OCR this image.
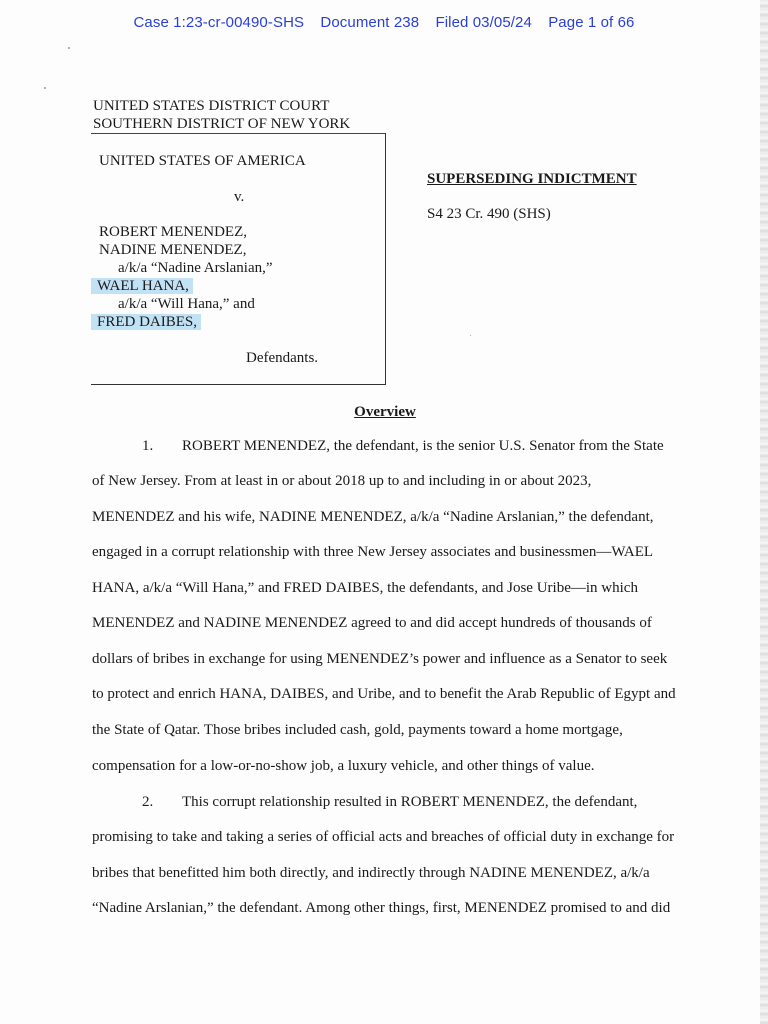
Case 1:23-cr-00490-SHS Document 238 Filed 03/05/24 Page 1 of 66
UNITED STATES DISTRICT COURT
SOUTHERN DISTRICT OF NEW YORK
UNITED STATES OF AMERICA
v.
ROBERT MENENDEZ,
NADINE MENENDEZ,
a/k/a “Nadine Arslanian,”
WAEL HANA,
a/k/a “Will Hana,” and
FRED DAIBES,
Defendants.
SUPERSEDING INDICTMENT
S4 23 Cr. 490 (SHS)
Overview
1. ROBERT MENENDEZ, the defendant, is the senior U.S. Senator from the State
of New Jersey. From at least in or about 2018 up to and including in or about 2023,
MENENDEZ and his wife, NADINE MENENDEZ, a/k/a “Nadine Arslanian,” the defendant,
engaged in a corrupt relationship with three New Jersey associates and businessmen—WAEL
HANA, a/k/a “Will Hana,” and FRED DAIBES, the defendants, and Jose Uribe—in which
MENENDEZ and NADINE MENENDEZ agreed to and did accept hundreds of thousands of
dollars of bribes in exchange for using MENENDEZ’s power and influence as a Senator to seek
to protect and enrich HANA, DAIBES, and Uribe, and to benefit the Arab Republic of Egypt and
the State of Qatar. Those bribes included cash, gold, payments toward a home mortgage,
compensation for a low-or-no-show job, a luxury vehicle, and other things of value.
2. This corrupt relationship resulted in ROBERT MENENDEZ, the defendant,
promising to take and taking a series of official acts and breaches of official duty in exchange for
bribes that benefitted him both directly, and indirectly through NADINE MENENDEZ, a/k/a
“Nadine Arslanian,” the defendant. Among other things, first, MENENDEZ promised to and did
